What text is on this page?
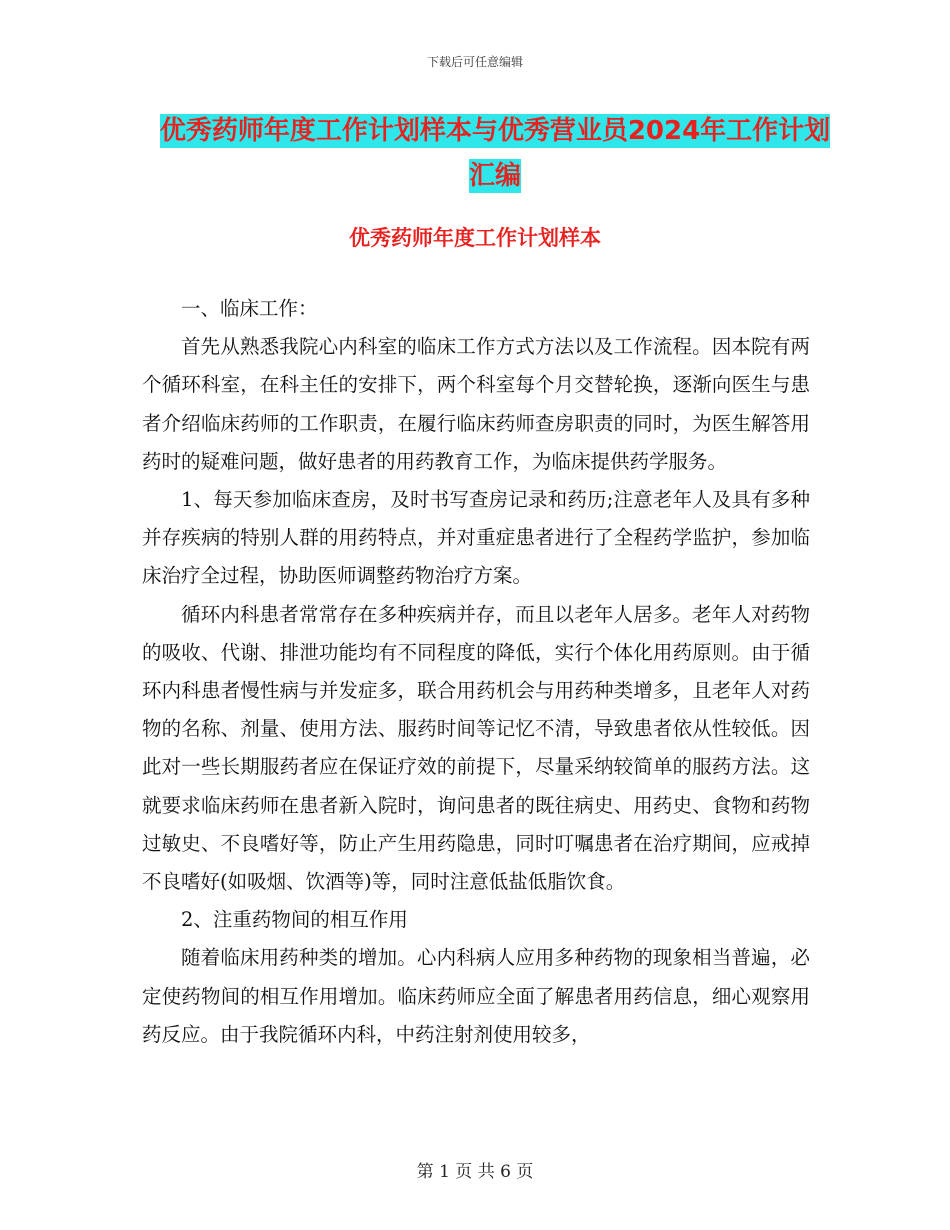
下载后可任意编辑
优秀药师年度工作计划样本与优秀营业员2024年工作计划汇编
优秀药师年度工作计划样本

一、临床工作：

首先从熟悉我院心内科室的临床工作方式方法以及工作流程。因本院有两个循环科室，在科主任的安排下，两个科室每个月交替轮换，逐渐向医生与患者介绍临床药师的工作职责，在履行临床药师查房职责的同时，为医生解答用药时的疑难问题，做好患者的用药教育工作，为临床提供药学服务。

1、每天参加临床查房，及时书写查房记录和药历;注意老年人及具有多种并存疾病的特别人群的用药特点，并对重症患者进行了全程药学监护，参加临床治疗全过程，协助医师调整药物治疗方案。

循环内科患者常常存在多种疾病并存，而且以老年人居多。老年人对药物的吸收、代谢、排泄功能均有不同程度的降低，实行个体化用药原则。由于循环内科患者慢性病与并发症多，联合用药机会与用药种类增多，且老年人对药物的名称、剂量、使用方法、服药时间等记忆不清，导致患者依从性较低。因此对一些长期服药者应在保证疗效的前提下，尽量采纳较简单的服药方法。这就要求临床药师在患者新入院时，询问患者的既往病史、用药史、食物和药物过敏史、不良嗜好等，防止产生用药隐患，同时叮嘱患者在治疗期间，应戒掉不良嗜好(如吸烟、饮酒等)等，同时注意低盐低脂饮食。

2、注重药物间的相互作用

随着临床用药种类的增加。心内科病人应用多种药物的现象相当普遍，必定使药物间的相互作用增加。临床药师应全面了解患者用药信息，细心观察用药反应。由于我院循环内科，中药注射剂使用较多，

第 1 页 共 6 页
